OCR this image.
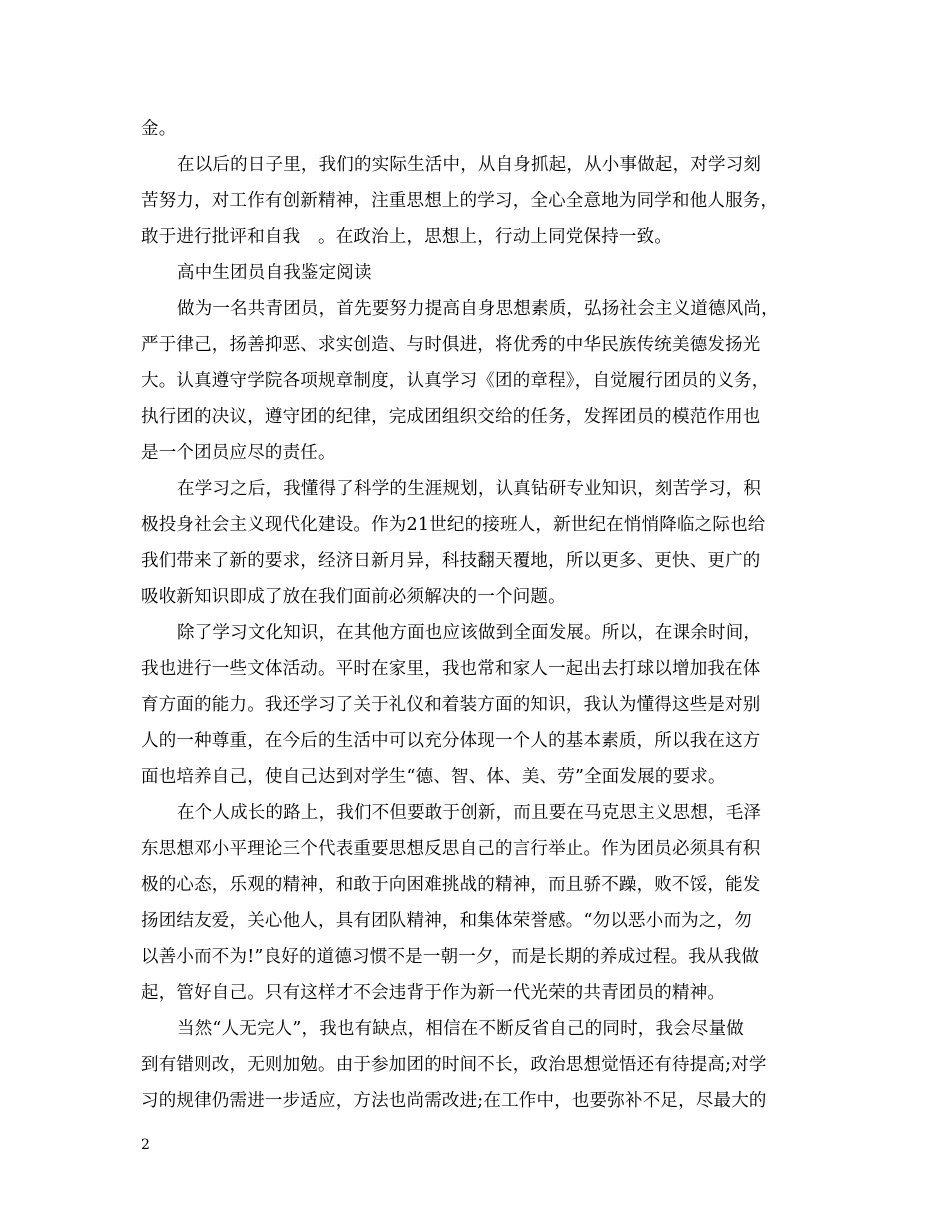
金。
在以后的日子里，我们的实际生活中，从自身抓起，从小事做起，对学习刻
苦努力，对工作有创新精神，注重思想上的学习，全心全意地为同学和他人服务，
敢于进行批评和自我　。在政治上，思想上，行动上同党保持一致。
高中生团员自我鉴定阅读
做为一名共青团员，首先要努力提高自身思想素质，弘扬社会主义道德风尚，
严于律己，扬善抑恶、求实创造、与时俱进，将优秀的中华民族传统美德发扬光
大。认真遵守学院各项规章制度，认真学习《团的章程》，自觉履行团员的义务，
执行团的决议，遵守团的纪律，完成团组织交给的任务，发挥团员的模范作用也
是一个团员应尽的责任。
在学习之后，我懂得了科学的生涯规划，认真钻研专业知识，刻苦学习，积
极投身社会主义现代化建设。作为21世纪的接班人，新世纪在悄悄降临之际也给
我们带来了新的要求，经济日新月异，科技翻天覆地，所以更多、更快、更广的
吸收新知识即成了放在我们面前必须解决的一个问题。
除了学习文化知识，在其他方面也应该做到全面发展。所以，在课余时间，
我也进行一些文体活动。平时在家里，我也常和家人一起出去打球以增加我在体
育方面的能力。我还学习了关于礼仪和着装方面的知识，我认为懂得这些是对别
人的一种尊重，在今后的生活中可以充分体现一个人的基本素质，所以我在这方
面也培养自己，使自己达到对学生“德、智、体、美、劳”全面发展的要求。
在个人成长的路上，我们不但要敢于创新，而且要在马克思主义思想，毛泽
东思想邓小平理论三个代表重要思想反思自己的言行举止。作为团员必须具有积
极的心态，乐观的精神，和敢于向困难挑战的精神，而且骄不躁，败不馁，能发
扬团结友爱，关心他人，具有团队精神，和集体荣誉感。“勿以恶小而为之，勿
以善小而不为!”良好的道德习惯不是一朝一夕，而是长期的养成过程。我从我做
起，管好自己。只有这样才不会违背于作为新一代光荣的共青团员的精神。
当然“人无完人”，我也有缺点，相信在不断反省自己的同时，我会尽量做
到有错则改，无则加勉。由于参加团的时间不长，政治思想觉悟还有待提高;对学
习的规律仍需进一步适应，方法也尚需改进;在工作中，也要弥补不足，尽最大的
2
